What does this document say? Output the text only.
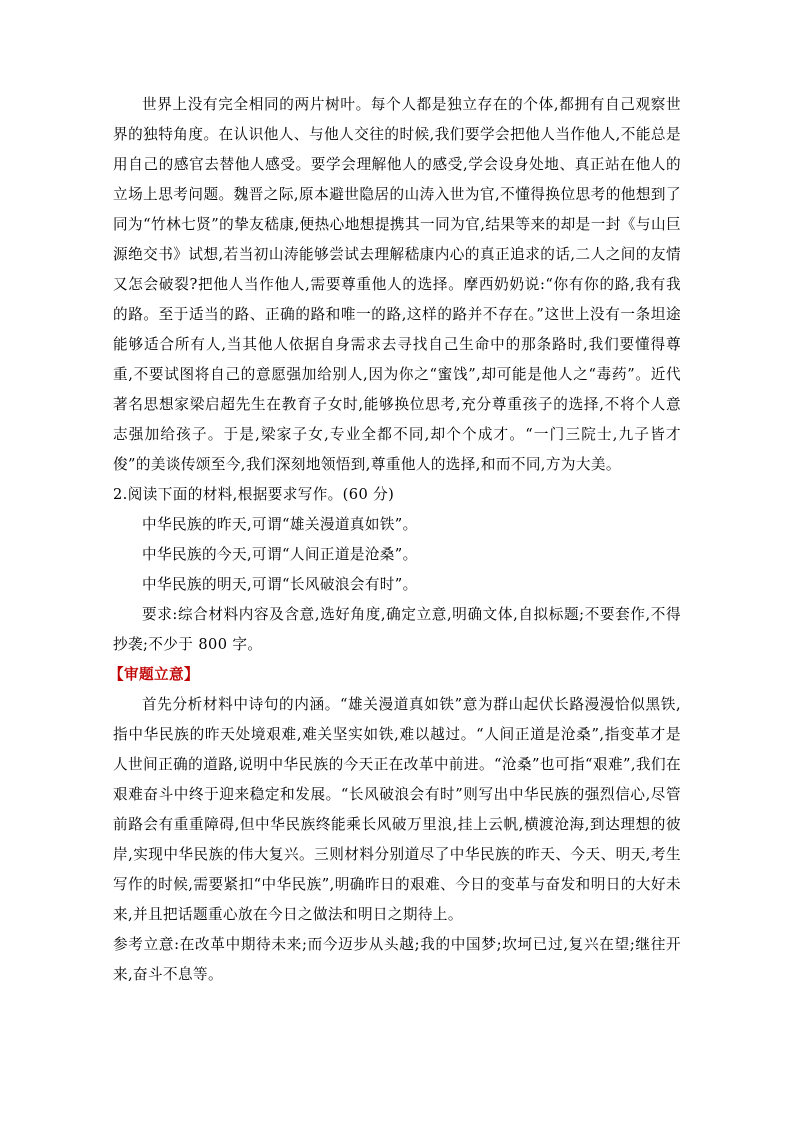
世界上没有完全相同的两片树叶。每个人都是独立存在的个体,都拥有自己观察世界的独特角度。在认识他人、与他人交往的时候,我们要学会把他人当作他人,不能总是用自己的感官去替他人感受。要学会理解他人的感受,学会设身处地、真正站在他人的立场上思考问题。魏晋之际,原本避世隐居的山涛入世为官,不懂得换位思考的他想到了同为“竹林七贤”的挚友嵇康,便热心地想提携其一同为官,结果等来的却是一封《与山巨源绝交书》试想,若当初山涛能够尝试去理解嵇康内心的真正追求的话,二人之间的友情又怎会破裂?把他人当作他人,需要尊重他人的选择。摩西奶奶说:“你有你的路,我有我的路。至于适当的路、正确的路和唯一的路,这样的路并不存在。”这世上没有一条坦途能够适合所有人,当其他人依据自身需求去寻找自己生命中的那条路时,我们要懂得尊重,不要试图将自己的意愿强加给别人,因为你之“蜜饯”,却可能是他人之“毒药”。近代著名思想家梁启超先生在教育子女时,能够换位思考,充分尊重孩子的选择,不将个人意志强加给孩子。于是,梁家子女,专业全都不同,却个个成才。“一门三院士,九子皆才俊”的美谈传颂至今,我们深刻地领悟到,尊重他人的选择,和而不同,方为大美。

2.阅读下面的材料,根据要求写作。(60 分)

中华民族的昨天,可谓“雄关漫道真如铁”。

中华民族的今天,可谓“人间正道是沧桑”。

中华民族的明天,可谓“长风破浪会有时”。

要求:综合材料内容及含意,选好角度,确定立意,明确文体,自拟标题;不要套作,不得抄袭;不少于 800 字。

【审题立意】

首先分析材料中诗句的内涵。“雄关漫道真如铁”意为群山起伏长路漫漫恰似黑铁,指中华民族的昨天处境艰难,难关坚实如铁,难以越过。“人间正道是沧桑”,指变革才是人世间正确的道路,说明中华民族的今天正在改革中前进。“沧桑”也可指“艰难”,我们在艰难奋斗中终于迎来稳定和发展。“长风破浪会有时”则写出中华民族的强烈信心,尽管前路会有重重障碍,但中华民族终能乘长风破万里浪,挂上云帆,横渡沧海,到达理想的彼岸,实现中华民族的伟大复兴。三则材料分别道尽了中华民族的昨天、今天、明天,考生写作的时候,需要紧扣“中华民族”,明确昨日的艰难、今日的变革与奋发和明日的大好未来,并且把话题重心放在今日之做法和明日之期待上。

参考立意:在改革中期待未来;而今迈步从头越;我的中国梦;坎坷已过,复兴在望;继往开来,奋斗不息等。
